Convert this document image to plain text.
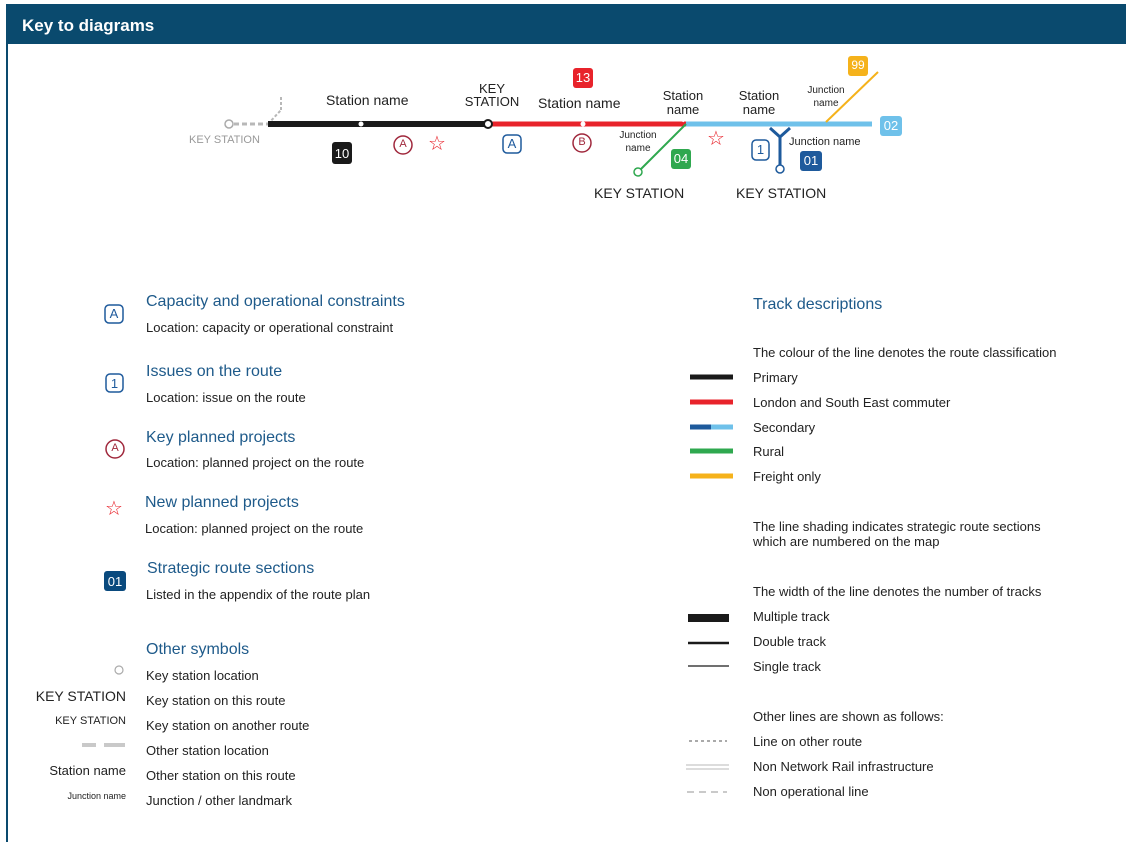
Key to diagrams
☆	☆
☆
KEY STATION
Station name
KEY STATION Station name	Station name
Station name
Junction name
Junction name
Junction name
KEY STATION	KEY STATION
10
13
99
02
04	01
A	B
A	1
A
Capacity and operational constraints
Location: capacity or operational constraint
1
Issues on the route
Location: issue on the route
A
Key planned projects
Location: planned project on the route
New planned projects
Location: planned project on the route
01
Strategic route sections
Listed in the appendix of the route plan
Other symbols
KEY STATION
KEY STATION
Station name
Junction name
Key station location
Key station on this route
Key station on another route
Other station location
Other station on this route
Junction / other landmark
Track descriptions
The colour of the line denotes the route classification
Primary
London and South East commuter
Secondary
Rural
Freight only
The line shading indicates strategic route sections
which are numbered on the map
The width of the line denotes the number of tracks
Multiple track
Double track
Single track
Other lines are shown as follows:
Line on other route
Non Network Rail infrastructure
Non operational line
